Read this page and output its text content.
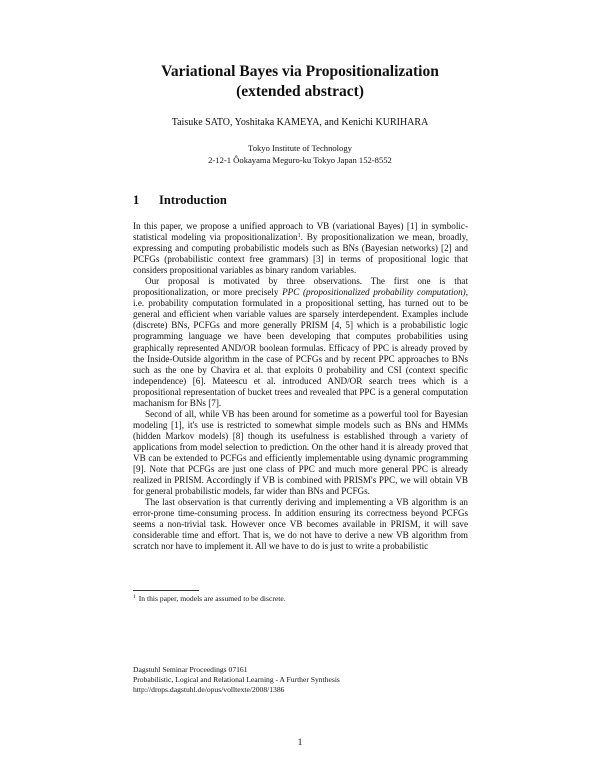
Variational Bayes via Propositionalization
(extended abstract)
Taisuke SATO, Yoshitaka KAMEYA, and Kenichi KURIHARA
Tokyo Institute of Technology
2-12-1 Ôokayama Meguro-ku Tokyo Japan 152-8552
1 Introduction

In this paper, we propose a unified approach to VB (variational Bayes) [1] in symbolic-statistical modeling via propositionalization$^1$. By propositionalization we mean, broadly, expressing and computing probabilistic models such as BNs (Bayesian networks) [2] and PCFGs (probabilistic context free grammars) [3] in terms of propositional logic that considers propositional variables as binary random variables.

Our proposal is motivated by three observations. The first one is that propositionalization, or more precisely PPC (propositionalized probability computation), i.e. probability computation formulated in a propositional setting, has turned out to be general and efficient when variable values are sparsely interdependent. Examples include (discrete) BNs, PCFGs and more generally PRISM [4, 5] which is a probabilistic logic programming language we have been developing that computes probabilities using graphically represented AND/OR boolean formulas. Efficacy of PPC is already proved by the Inside-Outside algorithm in the case of PCFGs and by recent PPC approaches to BNs such as the one by Chavira et al. that exploits 0 probability and CSI (context specific independence) [6]. Mateescu et al. introduced AND/OR search trees which is a propositional representation of bucket trees and revealed that PPC is a general computation machanism for BNs [7].

Second of all, while VB has been around for sometime as a powerful tool for Bayesian modeling [1], it's use is restricted to somewhat simple models such as BNs and HMMs (hidden Markov models) [8] though its usefulness is established through a variety of applications from model selection to prediction. On the other hand it is already proved that VB can be extended to PCFGs and efficiently implementable using dynamic programming [9]. Note that PCFGs are just one class of PPC and much more general PPC is already realized in PRISM. Accordingly if VB is combined with PRISM's PPC, we will obtain VB for general probabilistic models, far wider than BNs and PCFGs.

The last observation is that currently deriving and implementing a VB algorithm is an error-prone time-consuming process. In addition ensuring its correctness beyond PCFGs seems a non-trivial task. However once VB becomes available in PRISM, it will save considerable time and effort. That is, we do not have to derive a new VB algorithm from scratch nor have to implement it. All we have to do is just to write a probabilistic

$^1$ In this paper, models are assumed to be discrete.
Dagstuhl Seminar Proceedings 07161
Probabilistic, Logical and Relational Learning - A Further Synthesis
http://drops.dagstuhl.de/opus/volltexte/2008/1386
1
